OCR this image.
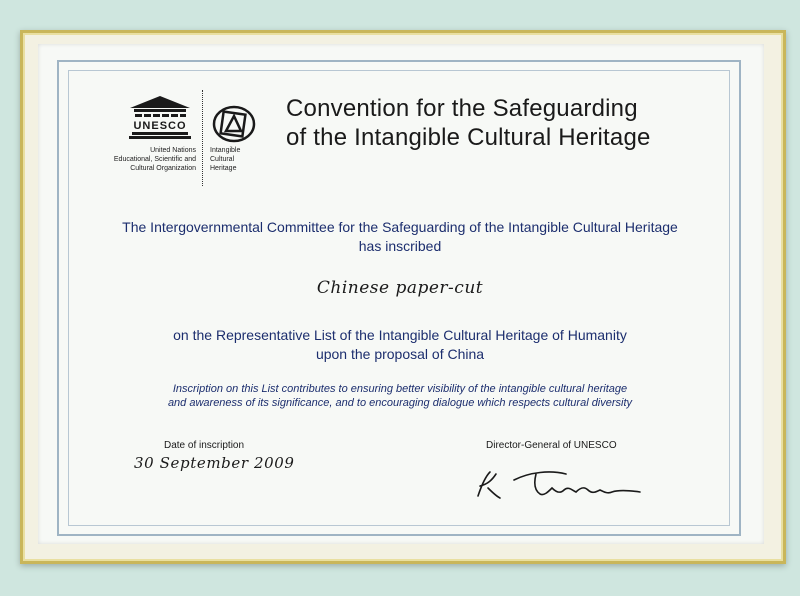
UNESCO
United Nations
Educational, Scientific and
Cultural Organization
Intangible
Cultural
Heritage
Convention for the Safeguarding
of the Intangible Cultural Heritage
The Intergovernmental Committee for the Safeguarding of the Intangible Cultural Heritage
has inscribed
Chinese paper-cut
on the Representative List of the Intangible Cultural Heritage of Humanity
upon the proposal of China
Inscription on this List contributes to ensuring better visibility of the intangible cultural heritage
and awareness of its significance, and to encouraging dialogue which respects cultural diversity
Date of inscription
30 September 2009
Director-General of UNESCO
